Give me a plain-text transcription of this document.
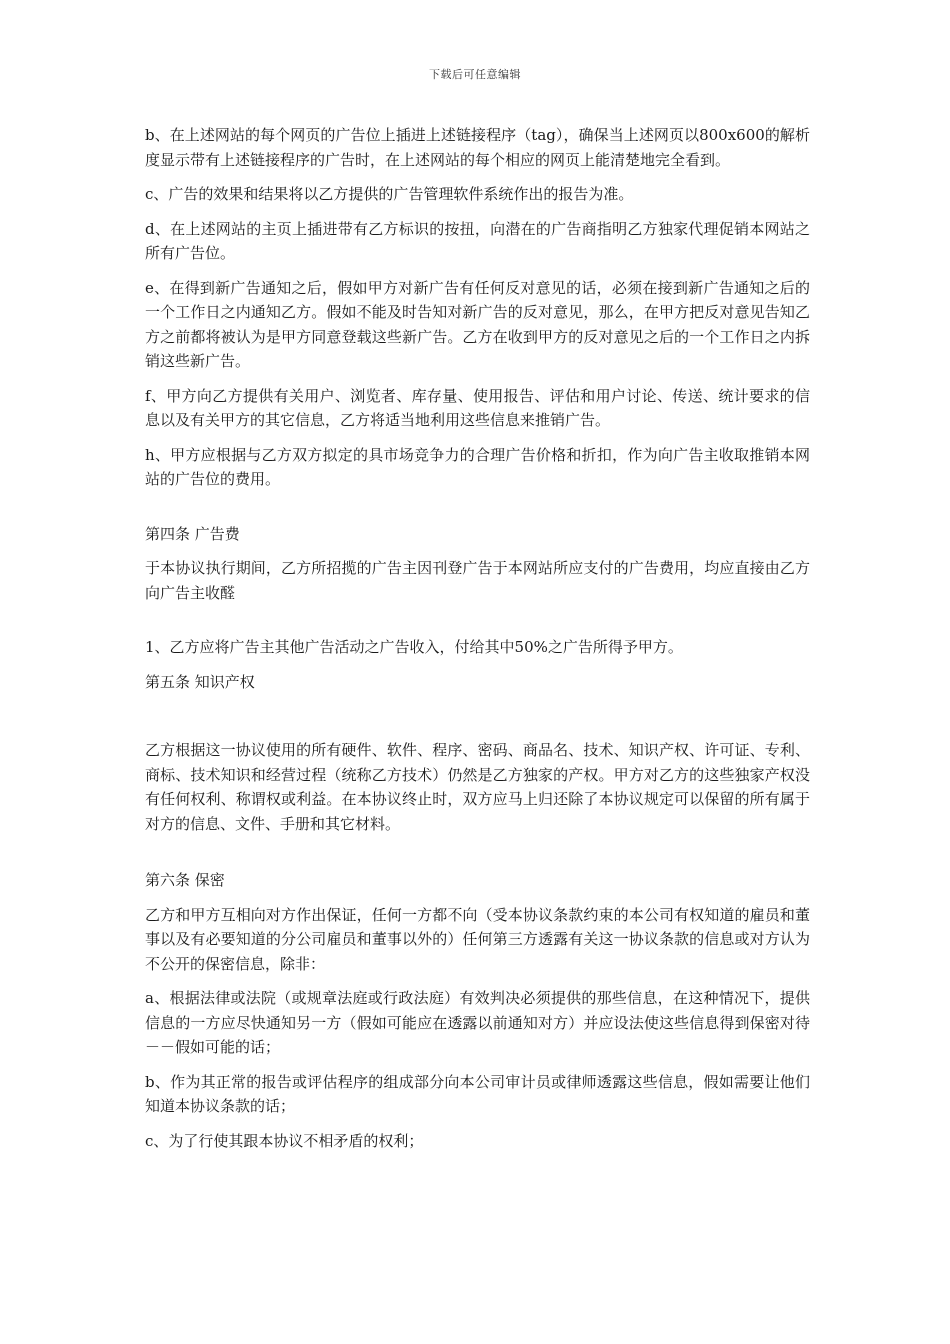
下载后可任意编辑

b、在上述网站的每个网页的广告位上插进上述链接程序（tag），确保当上述网页以800x600的解析度显示带有上述链接程序的广告时，在上述网站的每个相应的网页上能清楚地完全看到。

c、广告的效果和结果将以乙方提供的广告管理软件系统作出的报告为准。

d、在上述网站的主页上插进带有乙方标识的按扭，向潜在的广告商指明乙方独家代理促销本网站之所有广告位。

e、在得到新广告通知之后，假如甲方对新广告有任何反对意见的话，必须在接到新广告通知之后的一个工作日之内通知乙方。假如不能及时告知对新广告的反对意见，那么，在甲方把反对意见告知乙方之前都将被认为是甲方同意登载这些新广告。乙方在收到甲方的反对意见之后的一个工作日之内拆销这些新广告。

f、甲方向乙方提供有关用户、浏览者、库存量、使用报告、评估和用户讨论、传送、统计要求的信息以及有关甲方的其它信息，乙方将适当地利用这些信息来推销广告。

h、甲方应根据与乙方双方拟定的具市场竞争力的合理广告价格和折扣，作为向广告主收取推销本网站的广告位的费用。

第四条 广告费

于本协议执行期间，乙方所招揽的广告主因刊登广告于本网站所应支付的广告费用，均应直接由乙方向广告主收醛

1、乙方应将广告主其他广告活动之广告收入，付给其中50%之广告所得予甲方。

第五条 知识产权

乙方根据这一协议使用的所有硬件、软件、程序、密码、商品名、技术、知识产权、许可证、专利、商标、技术知识和经营过程（统称乙方技术）仍然是乙方独家的产权。甲方对乙方的这些独家产权没有任何权利、称谓权或利益。在本协议终止时，双方应马上归还除了本协议规定可以保留的所有属于对方的信息、文件、手册和其它材料。

第六条 保密

乙方和甲方互相向对方作出保证，任何一方都不向（受本协议条款约束的本公司有权知道的雇员和董事以及有必要知道的分公司雇员和董事以外的）任何第三方透露有关这一协议条款的信息或对方认为不公开的保密信息，除非：

a、根据法律或法院（或规章法庭或行政法庭）有效判决必须提供的那些信息，在这种情况下，提供信息的一方应尽快通知另一方（假如可能应在透露以前通知对方）并应设法使这些信息得到保密对待－－假如可能的话；

b、作为其正常的报告或评估程序的组成部分向本公司审计员或律师透露这些信息，假如需要让他们知道本协议条款的话；

c、为了行使其跟本协议不相矛盾的权利；
